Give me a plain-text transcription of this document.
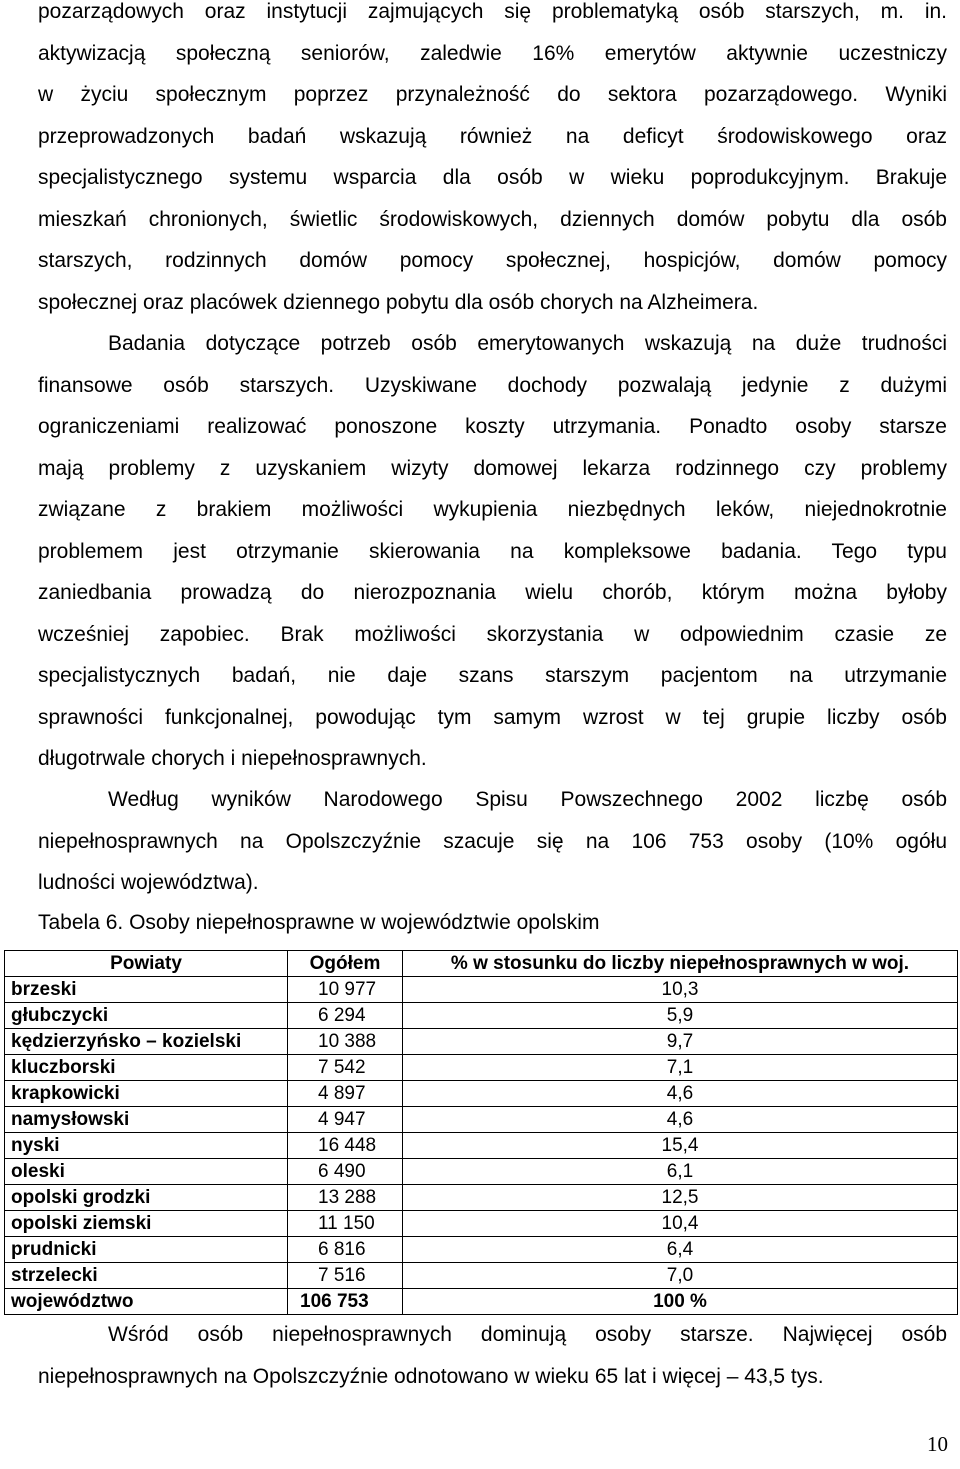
pozarządowych oraz instytucji zajmujących się problematyką osób starszych, m. in.
aktywizacją społeczną seniorów, zaledwie 16% emerytów aktywnie uczestniczy
w życiu społecznym poprzez przynależność do sektora pozarządowego. Wyniki
przeprowadzonych badań wskazują również na deficyt środowiskowego oraz
specjalistycznego systemu wsparcia dla osób w wieku poprodukcyjnym. Brakuje
mieszkań chronionych, świetlic środowiskowych, dziennych domów pobytu dla osób
starszych, rodzinnych domów pomocy społecznej, hospicjów, domów pomocy
społecznej oraz placówek dziennego pobytu dla osób chorych na Alzheimera.
Badania dotyczące potrzeb osób emerytowanych wskazują na duże trudności
finansowe osób starszych. Uzyskiwane dochody pozwalają jedynie z dużymi
ograniczeniami realizować ponoszone koszty utrzymania. Ponadto osoby starsze
mają problemy z uzyskaniem wizyty domowej lekarza rodzinnego czy problemy
związane z brakiem możliwości wykupienia niezbędnych leków, niejednokrotnie
problemem jest otrzymanie skierowania na kompleksowe badania. Tego typu
zaniedbania prowadzą do nierozpoznania wielu chorób, którym można byłoby
wcześniej zapobiec. Brak możliwości skorzystania w odpowiednim czasie ze
specjalistycznych badań, nie daje szans starszym pacjentom na utrzymanie
sprawności funkcjonalnej, powodując tym samym wzrost w tej grupie liczby osób
długotrwale chorych i niepełnosprawnych.
Według wyników Narodowego Spisu Powszechnego 2002 liczbę osób
niepełnosprawnych na Opolszczyźnie szacuje się na 106 753 osoby (10% ogółu
ludności województwa).

Tabela 6. Osoby niepełnosprawne w województwie opolskim

Powiaty	Ogółem	% w stosunku do liczby niepełnosprawnych w woj.
brzeski	10 977	10,3
głubczycki	6 294	5,9
kędzierzyńsko – kozielski	10 388	9,7
kluczborski	7 542	7,1
krapkowicki	4 897	4,6
namysłowski	4 947	4,6
nyski	16 448	15,4
oleski	6 490	6,1
opolski grodzki	13 288	12,5
opolski ziemski	11 150	10,4
prudnicki	6 816	6,4
strzelecki	7 516	7,0
województwo	106 753	100 %
Wśród osób niepełnosprawnych dominują osoby starsze. Najwięcej osób
niepełnosprawnych na Opolszczyźnie odnotowano w wieku 65 lat i więcej – 43,5 tys.
10
